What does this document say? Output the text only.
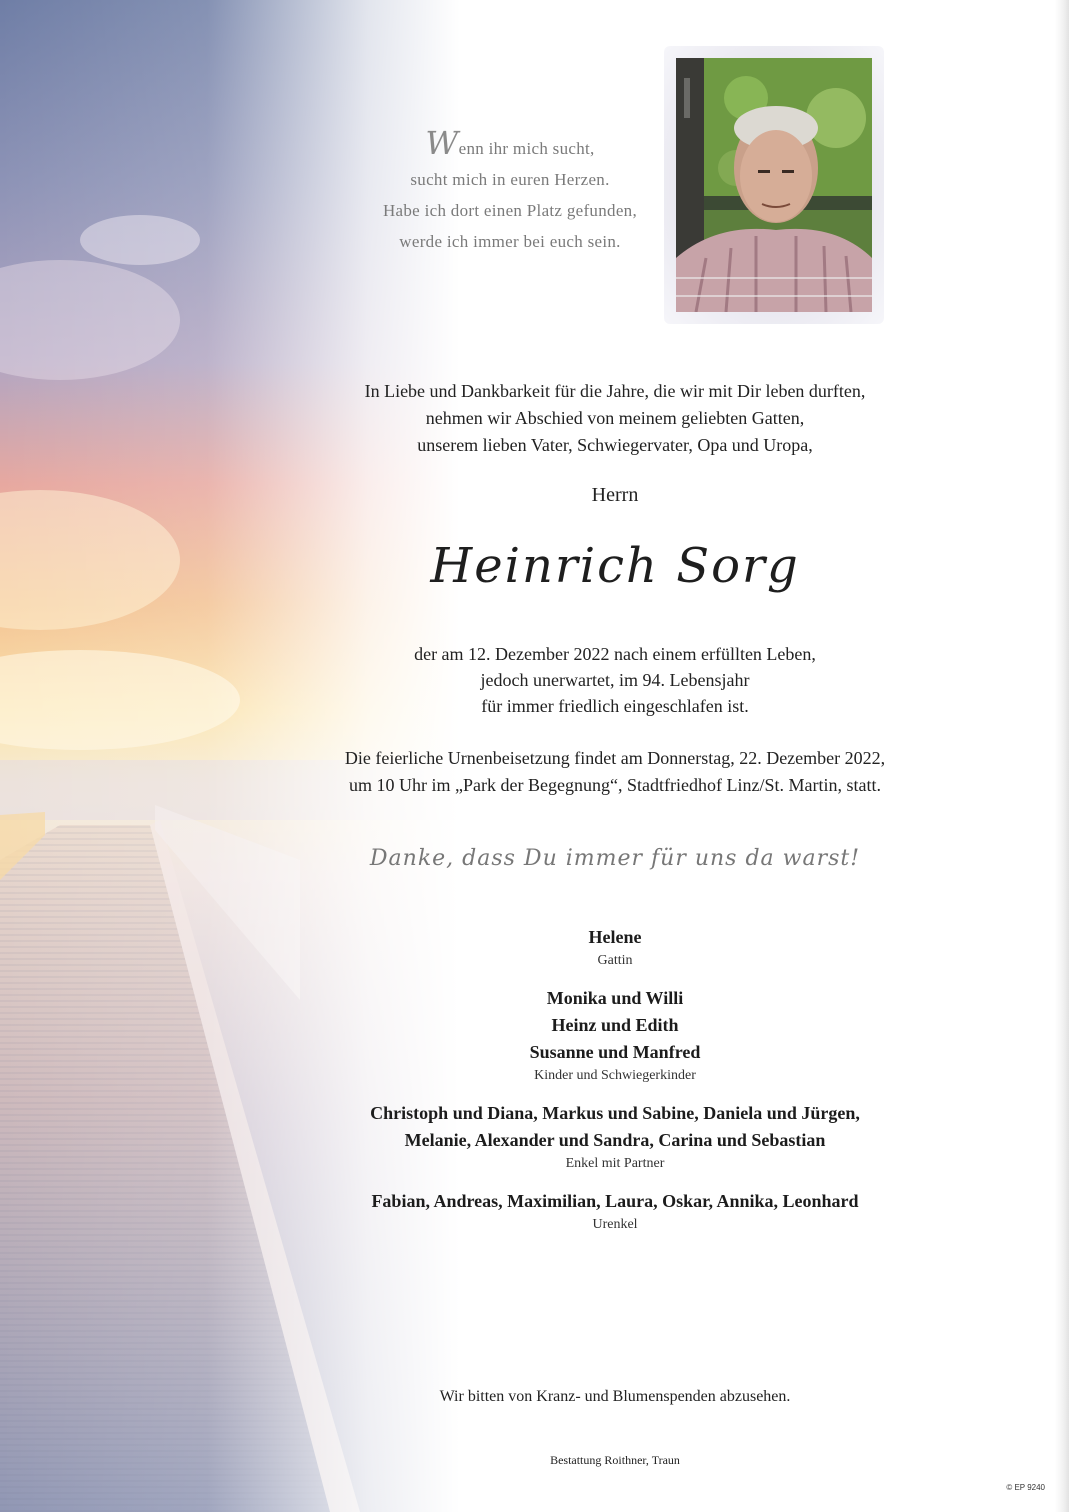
Wenn ihr mich sucht,
sucht mich in euren Herzen.
Habe ich dort einen Platz gefunden,
werde ich immer bei euch sein.
In Liebe und Dankbarkeit für die Jahre, die wir mit Dir leben durften,
nehmen wir Abschied von meinem geliebten Gatten,
unserem lieben Vater, Schwiegervater, Opa und Uropa,
Herrn
Heinrich Sorg
der am 12. Dezember 2022 nach einem erfüllten Leben,
jedoch unerwartet, im 94. Lebensjahr
für immer friedlich eingeschlafen ist.
Die feierliche Urnenbeisetzung findet am Donnerstag, 22. Dezember 2022,
um 10 Uhr im „Park der Begegnung“, Stadtfriedhof Linz/St. Martin, statt.
Danke, dass Du immer für uns da warst!
Helene
Gattin
Monika und Willi
Heinz und Edith
Susanne und Manfred
Kinder und Schwiegerkinder
Christoph und Diana, Markus und Sabine, Daniela und Jürgen,
Melanie, Alexander und Sandra, Carina und Sebastian
Enkel mit Partner
Fabian, Andreas, Maximilian, Laura, Oskar, Annika, Leonhard
Urenkel
Wir bitten von Kranz- und Blumenspenden abzusehen.
Bestattung Roithner, Traun
© EP 9240
